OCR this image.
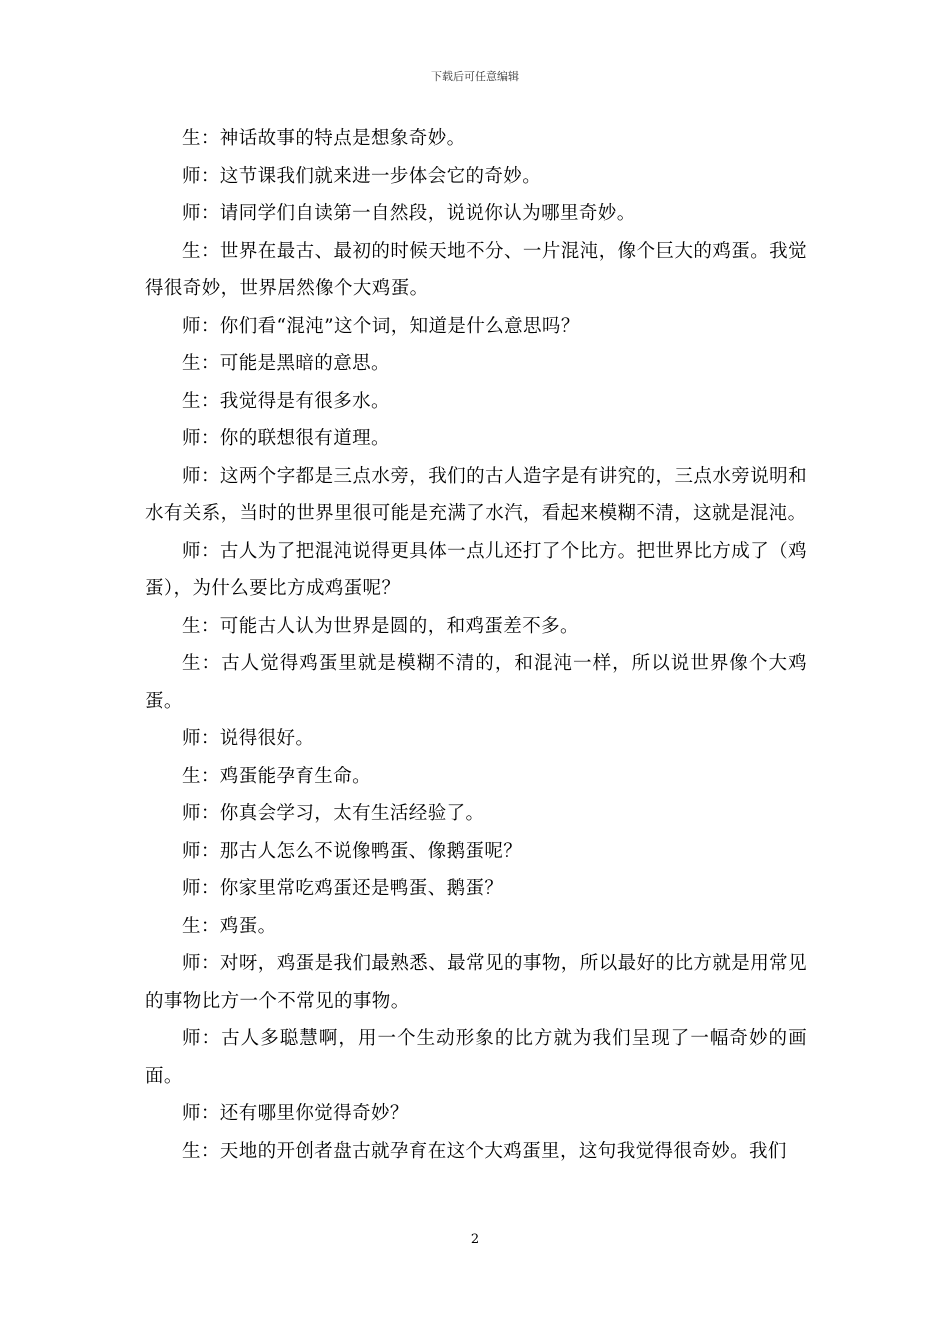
下载后可任意编辑

生：神话故事的特点是想象奇妙。

师：这节课我们就来进一步体会它的奇妙。

师：请同学们自读第一自然段，说说你认为哪里奇妙。

生：世界在最古、最初的时候天地不分、一片混沌，像个巨大的鸡蛋。我觉得很奇妙，世界居然像个大鸡蛋。

师：你们看“混沌”这个词，知道是什么意思吗？

生：可能是黑暗的意思。

生：我觉得是有很多水。

师：你的联想很有道理。

师：这两个字都是三点水旁，我们的古人造字是有讲究的，三点水旁说明和水有关系，当时的世界里很可能是充满了水汽，看起来模糊不清，这就是混沌。

师：古人为了把混沌说得更具体一点儿还打了个比方。把世界比方成了（鸡蛋），为什么要比方成鸡蛋呢？

生：可能古人认为世界是圆的，和鸡蛋差不多。

生：古人觉得鸡蛋里就是模糊不清的，和混沌一样，所以说世界像个大鸡蛋。

师：说得很好。

生：鸡蛋能孕育生命。

师：你真会学习，太有生活经验了。

师：那古人怎么不说像鸭蛋、像鹅蛋呢？

师：你家里常吃鸡蛋还是鸭蛋、鹅蛋？

生：鸡蛋。

师：对呀，鸡蛋是我们最熟悉、最常见的事物，所以最好的比方就是用常见的事物比方一个不常见的事物。

师：古人多聪慧啊，用一个生动形象的比方就为我们呈现了一幅奇妙的画面。

师：还有哪里你觉得奇妙？

生：天地的开创者盘古就孕育在这个大鸡蛋里，这句我觉得很奇妙。我们

2
